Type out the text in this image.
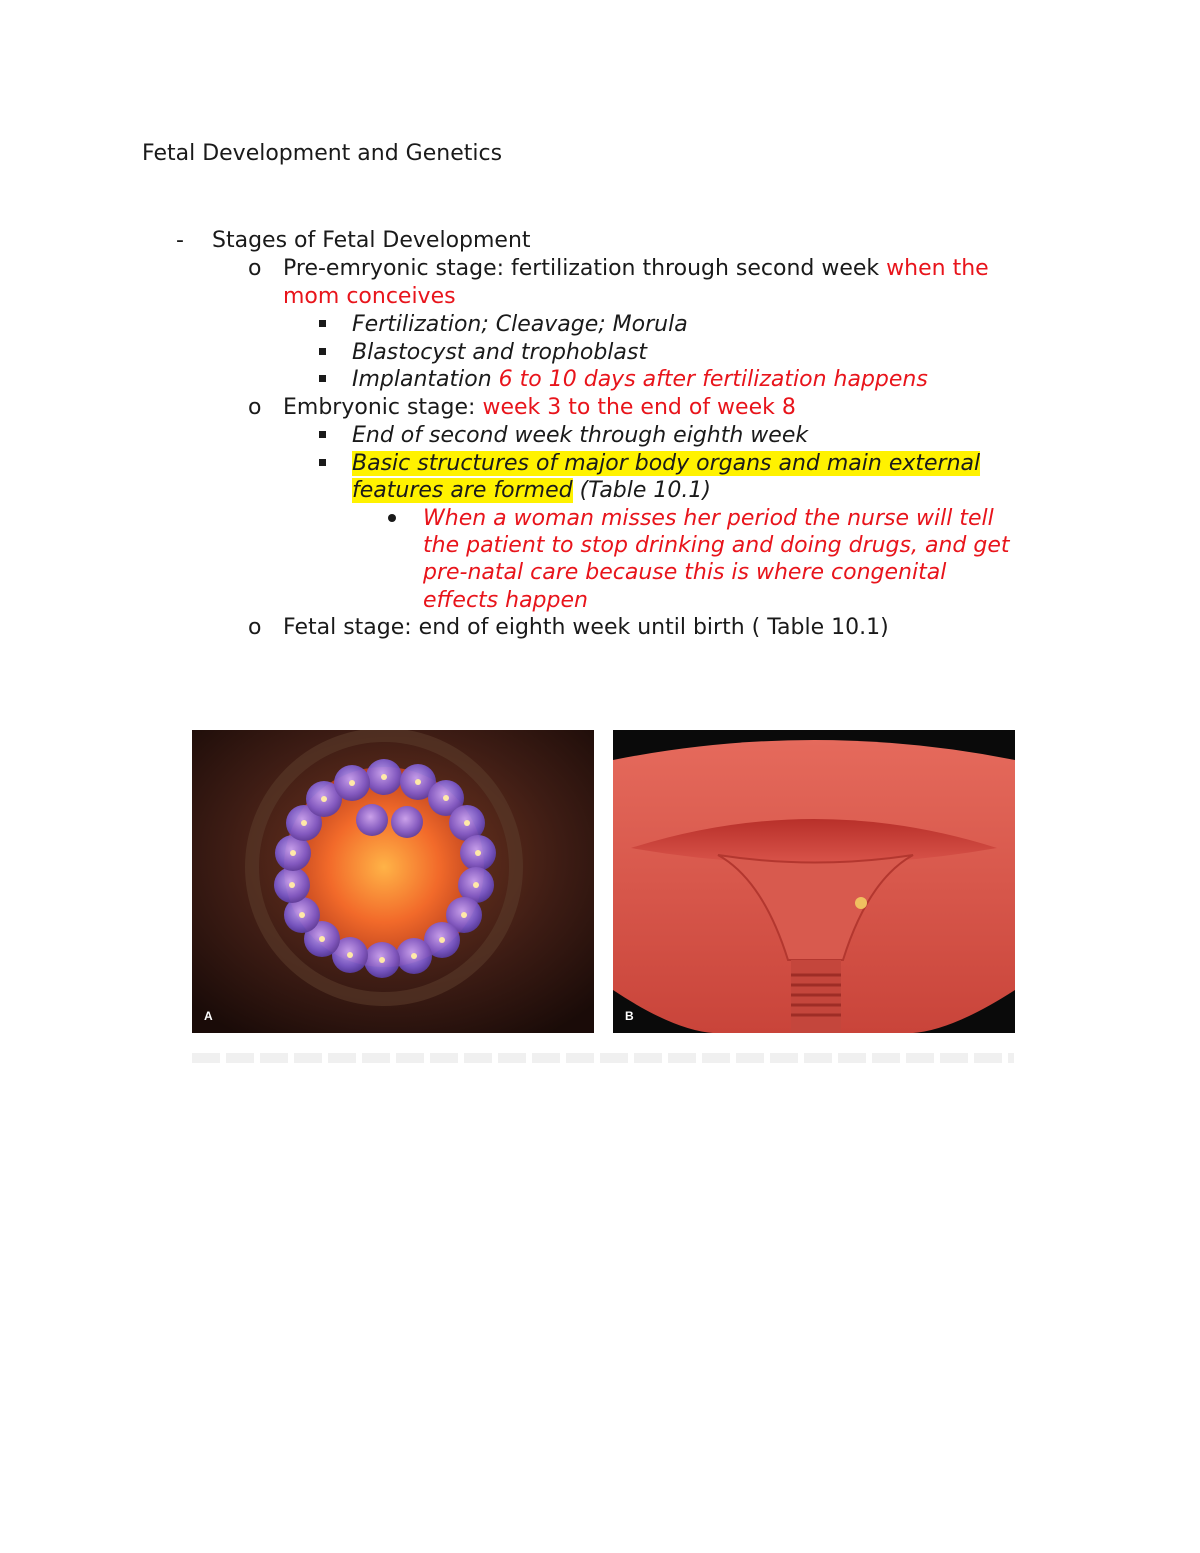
Fetal Development and Genetics
- Stages of Fetal Development
o Pre-emryonic stage: fertilization through second week when the
mom conceives
Fertilization; Cleavage; Morula
Blastocyst and trophoblast
Implantation 6 to 10 days after fertilization happens
o Embryonic stage: week 3 to the end of week 8
End of second week through eighth week
Basic structures of major body organs and main external
features are formed (Table 10.1)
When a woman misses her period the nurse will tell
the patient to stop drinking and doing drugs, and get
pre-natal care because this is where congenital
effects happen
o Fetal stage: end of eighth week until birth ( Table 10.1)
A	B
